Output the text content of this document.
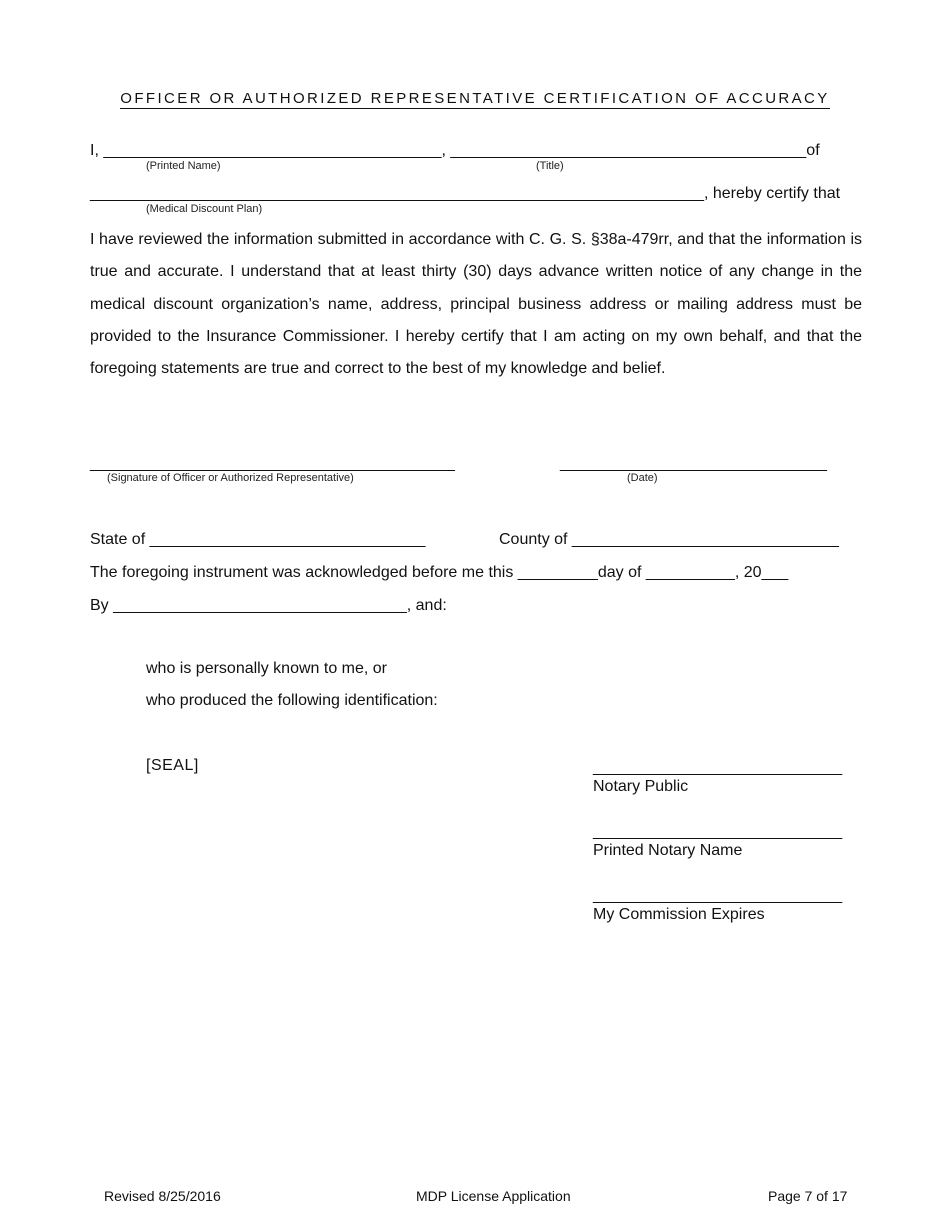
OFFICER OR AUTHORIZED REPRESENTATIVE CERTIFICATION OF ACCURACY
I, ______________________________________, ________________________________________of
(Printed Name)	(Title)
_____________________________________________________________________, hereby certify that
(Medical Discount Plan)

I have reviewed the information submitted in accordance with C. G. S. §38a-479rr, and that the information is true and accurate. I understand that at least thirty (30) days advance written notice of any change in the medical discount organization’s name, address, principal business address or mailing address must be provided to the Insurance Commissioner. I hereby certify that I am acting on my own behalf, and that the foregoing statements are true and correct to the best of my knowledge and belief.

_________________________________________
(Signature of Officer or Authorized Representative)
______________________________
(Date)
State of _______________________________	County of ______________________________
The foregoing instrument was acknowledged before me this _________day of __________, 20___
By _________________________________, and:
who is personally known to me, or
who produced the following identification:
[SEAL]	____________________________
Notary Public
____________________________
Printed Notary Name
____________________________
My Commission Expires
Revised 8/25/2016	MDP License Application	Page 7 of 17
